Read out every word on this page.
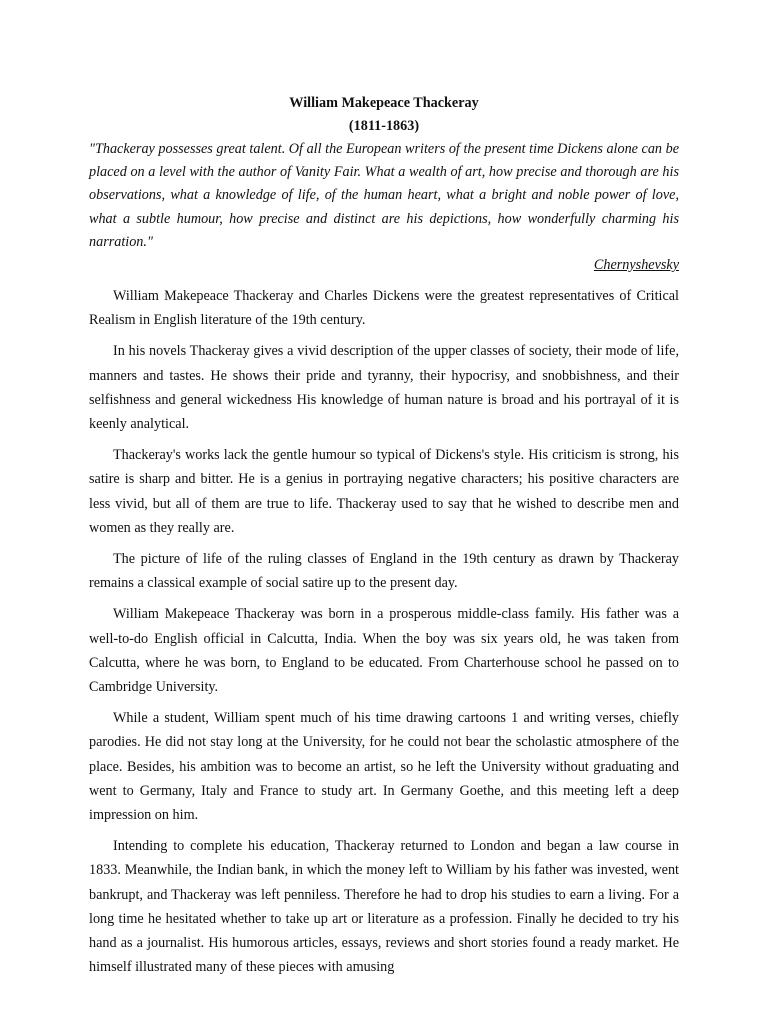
William Makepeace Thackeray

(1811-1863)

"Thackeray possesses great talent. Of all the European writers of the present time Dickens alone can be placed on a level with the author of Vanity Fair. What a wealth of art, how precise and thorough are his observations, what a knowledge of life, of the human heart, what a bright and noble power of love, what a subtle humour, how precise and distinct are his depictions, how wonderfully charming his narration."

Chernyshevsky

William Makepeace Thackeray and Charles Dickens were the greatest representatives of Critical Realism in English literature of the 19th century.

In his novels Thackeray gives a vivid description of the upper classes of society, their mode of life, manners and tastes. He shows their pride and tyranny, their hypocrisy, and snobbishness, and their selfishness and general wickedness His knowledge of human nature is broad and his portrayal of it is keenly analytical.

Thackeray's works lack the gentle humour so typical of Dickens's style. His criticism is strong, his satire is sharp and bitter. He is a genius in portraying negative characters; his positive characters are less vivid, but all of them are true to life. Thackeray used to say that he wished to describe men and women as they really are.

The picture of life of the ruling classes of England in the 19th century as drawn by Thackeray remains a classical example of social satire up to the present day.

William Makepeace Thackeray was born in a prosperous middle-class family. His father was a well-to-do English official in Calcutta, India. When the boy was six years old, he was taken from Calcutta, where he was born, to England to be educated. From Charterhouse school he passed on to Cambridge University.

While a student, William spent much of his time drawing cartoons 1 and writing verses, chiefly parodies. He did not stay long at the University, for he could not bear the scholastic atmosphere of the place. Besides, his ambition was to become an artist, so he left the University without graduating and went to Germany, Italy and France to study art. In Germany Goethe, and this meeting left a deep impression on him.

Intending to complete his education, Thackeray returned to London and began a law course in 1833. Meanwhile, the Indian bank, in which the money left to William by his father was invested, went bankrupt, and Thackeray was left penniless. Therefore he had to drop his studies to earn a living. For a long time he hesitated whether to take up art or literature as a profession. Finally he decided to try his hand as a journalist. His humorous articles, essays, reviews and short stories found a ready market. He himself illustrated many of these pieces with amusing
